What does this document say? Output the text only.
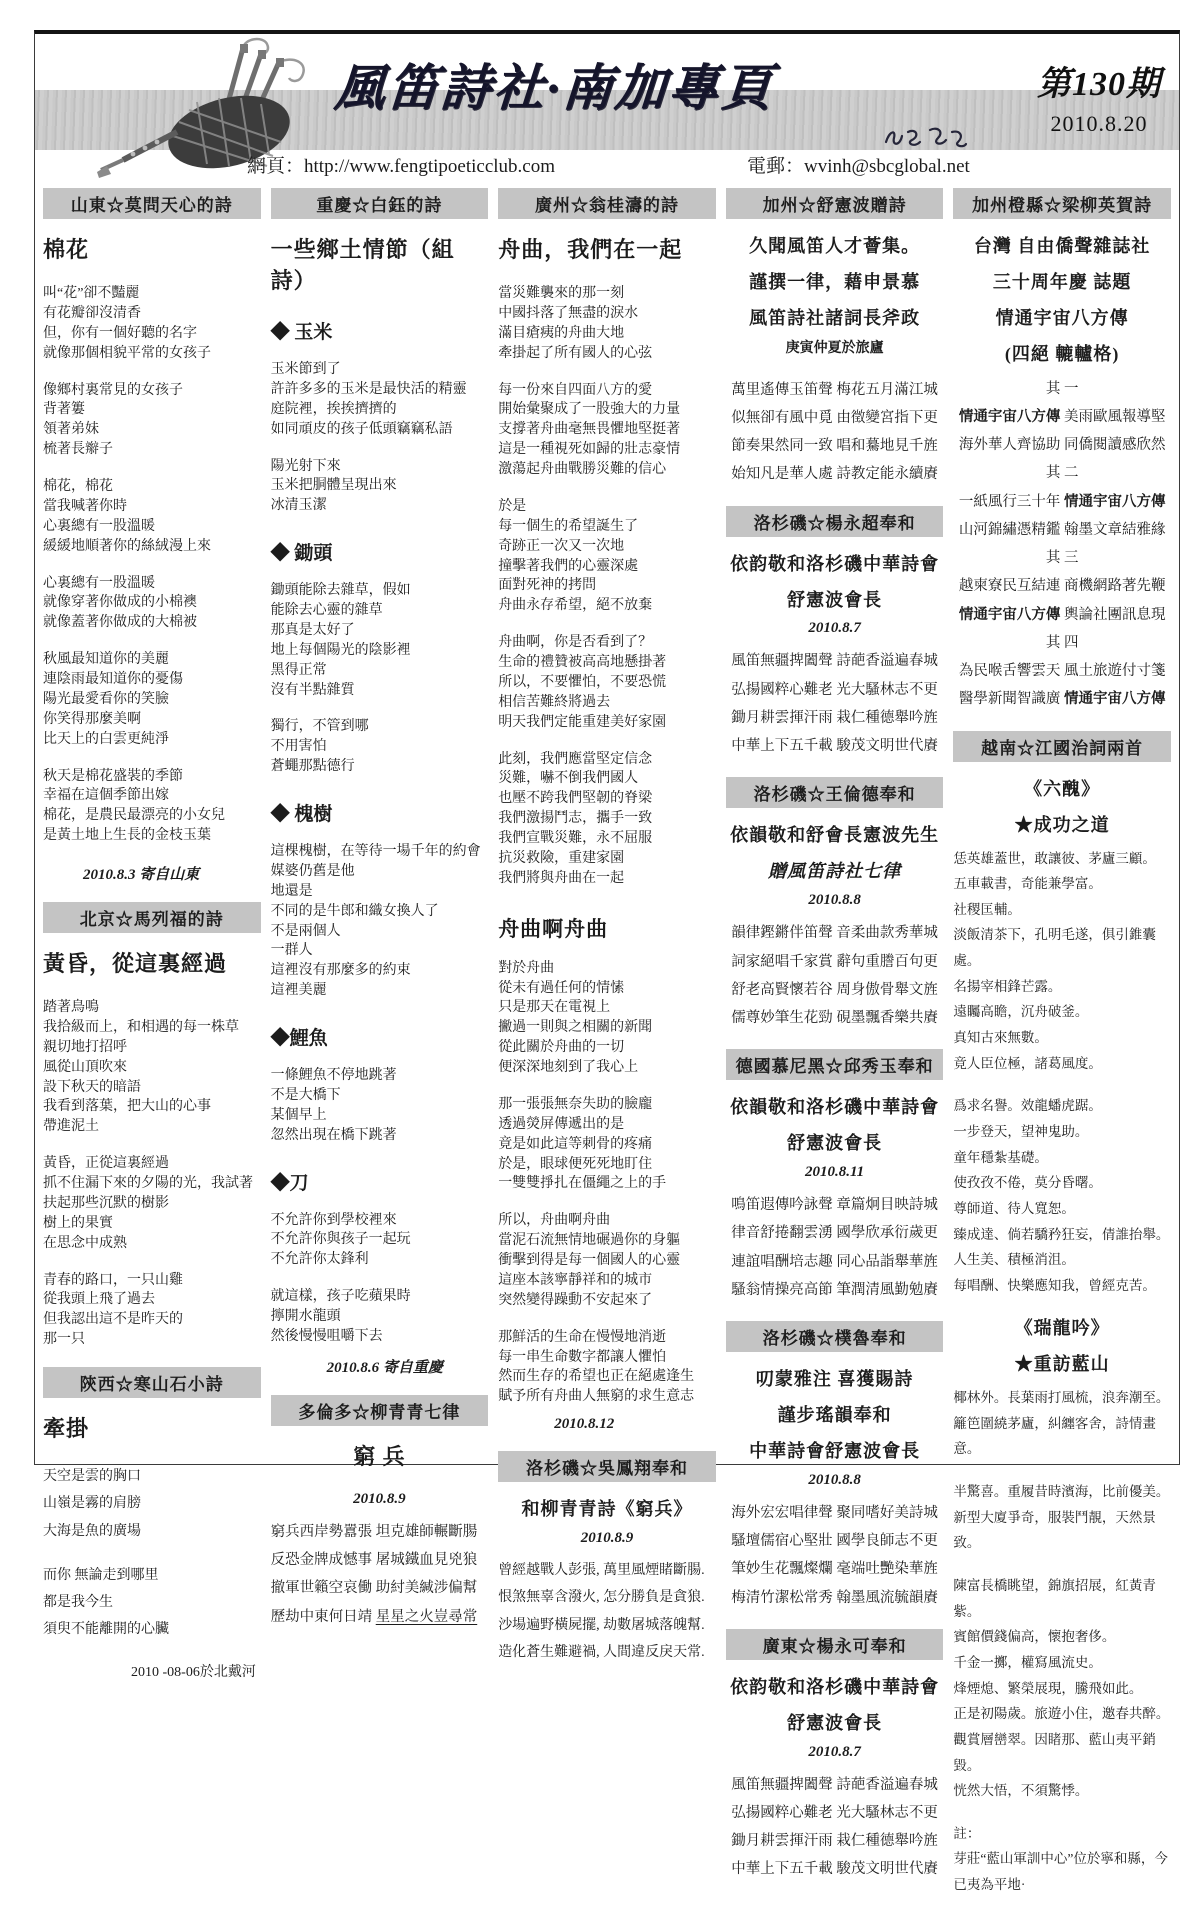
風笛詩社·南加專頁	第130期
2010.8.20
網頁：http://www.fengtipoeticclub.com	電郵：wvinh@sbcglobal.net
山東☆莫問天心的詩
棉花
叫“花”卻不豔麗
有花瓣卻沒清香
但，你有一個好聽的名字
就像那個相貌平常的女孩子
像鄉村裏常見的女孩子
背著簍
領著弟妹
梳著長辮子
棉花，棉花
當我喊著你時
心裏總有一股溫暖
緩緩地順著你的絲絨漫上來
心裏總有一股溫暖
就像穿著你做成的小棉襖
就像蓋著你做成的大棉被
秋風最知道你的美麗
連陰雨最知道你的憂傷
陽光最愛看你的笑臉
你笑得那麼美啊
比天上的白雲更純淨
秋天是棉花盛裝的季節
幸福在這個季節出嫁
棉花，是農民最漂亮的小女兒
是黃土地上生長的金枝玉葉
2010.8.3 寄自山東
北京☆馬列福的詩
黃昏，從這裏經過
踏著鳥鳴
我拾級而上，和相遇的每一株草
親切地打招呼
風從山頂吹來
設下秋天的暗語
我看到落葉，把大山的心事
帶進泥土
黃昏，正從這裏經過
抓不住漏下來的夕陽的光，我試著
扶起那些沉默的樹影
樹上的果實
在思念中成熟
青春的路口，一只山雞
從我頭上飛了過去
但我認出這不是昨天的
那一只
陝西☆寒山石小詩
牽掛
天空是雲的胸口
山嶺是霧的肩膀
大海是魚的廣場
而你 無論走到哪里
都是我今生
須臾不能離開的心臟
2010 -08-06於北戴河
重慶☆白鈺的詩
一些鄉土情節（組詩）
◆ 玉米
玉米節到了
許許多多的玉米是最快活的精靈
庭院裡，挨挨擠擠的
如同頑皮的孩子低頭竊竊私語
陽光射下來
玉米把胴體呈現出來
冰清玉潔
◆ 鋤頭
鋤頭能除去雜草，假如
能除去心靈的雜草
那真是太好了
地上每個陽光的陰影裡
黑得正常
沒有半點雜質
獨行，不管到哪
不用害怕
蒼蠅那點德行
◆ 槐樹
這棵槐樹，在等待一場千年的約會
媒婆仍舊是他
地還是
不同的是牛郎和織女換人了
不是兩個人
一群人
這裡沒有那麼多的約束
這裡美麗
◆鯉魚
一條鯉魚不停地跳著
不是大橋下
某個早上
忽然出現在橋下跳著
◆刀
不允許你到學校裡來
不允許你與孩子一起玩
不允許你太鋒利
就這樣，孩子吃蘋果時
擰開水龍頭
然後慢慢咀嚼下去
2010.8.6 寄自重慶
多倫多☆柳青青七律
窮 兵
2010.8.9
窮兵西岸勢囂張 坦克雄師輾斷腸
反恐金牌成憾事 屠城鐵血見兇狼
撤軍世籟空哀働 助紂美緘涉偏幫
歷劫中東何日靖 星星之火豈尋常
廣州☆翁桂濤的詩
舟曲，我們在一起
當災難襲來的那一刻
中國抖落了無盡的淚水
滿目瘡痍的舟曲大地
牽掛起了所有國人的心弦
每一份來自四面八方的愛
開始彙聚成了一股強大的力量
支撐著舟曲毫無畏懼地堅挺著
這是一種視死如歸的壯志豪情
激蕩起舟曲戰勝災難的信心
於是
每一個生的希望誕生了
奇跡正一次又一次地
撞擊著我們的心靈深處
面對死神的拷問
舟曲永存希望，絕不放棄
舟曲啊，你是否看到了？
生命的禮贊被高高地懸掛著
所以，不要懼怕，不要恐慌
相信苦難終將過去
明天我們定能重建美好家園
此刻，我們應當堅定信念
災難，嚇不倒我們國人
也壓不跨我們堅韌的脊梁
我們激揚鬥志，攜手一致
我們宣戰災難，永不屈服
抗災救險，重建家園
我們將與舟曲在一起
舟曲啊舟曲
對於舟曲
從未有過任何的情愫
只是那天在電視上
撇過一則與之相關的新聞
從此關於舟曲的一切
便深深地刻到了我心上
那一張張無奈失助的臉龐
透過熒屏傳遞出的是
竟是如此這等刺骨的疼痛
於是，眼球便死死地盯住
一雙雙掙扎在僵繩之上的手
所以，舟曲啊舟曲
當泥石流無情地碾過你的身軀
衝擊到得是每一個國人的心靈
這座本該寧靜祥和的城市
突然變得躁動不安起來了
那鮮活的生命在慢慢地消逝
每一串生命數字都讓人懼怕
然而生存的希望也正在絕處逢生
賦予所有舟曲人無窮的求生意志
2010.8.12
洛杉磯☆吳鳳翔奉和
和柳青青詩《窮兵》
2010.8.9
曾經越戰人彭張, 萬里風煙睹斷腸.
恨煞無辜含潑火, 怎分勝負是貪狼.
沙場遍野橫屍擺, 劫數屠城落魄幫.
造化蒼生難避禍, 人間違反戾天常.
加州☆舒憲波贈詩
久聞風笛人才薈集。
謹撰一律，藉申景慕
風笛詩社諸詞長斧政
庚寅仲夏於旅廬
萬里遙傳玉笛聲 梅花五月滿江城
似無卻有風中覓 由徵變宮指下更
節奏果然同一致 唱和驀地見千旌
始知凡是華人處 詩教定能永續賡
洛杉磯☆楊永超奉和
依韵敬和洛杉磯中華詩會
舒憲波會長
2010.8.7
風笛無疆捭闔聲 詩葩香溢遍春城
弘揚國粹心難老 光大騷林志不更
鋤月耕雲揮汗雨 栽仁種德舉吟旌
中華上下五千載 駿茂文明世代賡
洛杉磯☆王倫德奉和
依韻敬和舒會長憲波先生
贈風笛詩社七律
2010.8.8
韻律鏗鏘伴笛聲 音柔曲款秀華城
詞家絕唱千家賞 辭句重謄百句更
舒老高賢懷若谷 周身傲骨舉文旌
儒尊妙筆生花勁 硯墨飄香樂共賡
德國慕尼黑☆邱秀玉奉和
依韻敬和洛杉磯中華詩會
舒憲波會長
2010.8.11
鳴笛遐傳吟詠聲 章篇炯目映詩城
律音舒捲翻雲湧 國學欣承衍歲更
連誼唱酬培志趣 同心品詣舉華旌
騷翁情操亮高節 筆潤清風勤勉賡
洛杉磯☆樸魯奉和
叨蒙雅注 喜獲賜詩
謹步瑤韻奉和
中華詩會舒憲波會長
2010.8.8
海外宏宏唱律聲 聚同嗜好美詩城
騷壇儒宿心堅壯 國學良師志不更
筆妙生花飄燦爛 毫端吐艷染華旌
梅清竹潔松常秀 翰墨風流毓韻賡
廣東☆楊永可奉和
依韵敬和洛杉磯中華詩會
舒憲波會長
2010.8.7
風笛無疆捭闔聲 詩葩香溢遍春城
弘揚國粹心難老 光大騷林志不更
鋤月耕雲揮汗雨 栽仁種德舉吟旌
中華上下五千載 駿茂文明世代賡
加州橙縣☆梁柳英賀詩
台灣 自由僑聲雜誌社
三十周年慶 誌題
情通宇宙八方傳
(四絕 轆轤格)
其 一
情通宇宙八方傳 美雨歐風報導堅
海外華人齊協助 同僑閱讀感欣然
其 二
一紙風行三十年 情通宇宙八方傳
山河錦繡憑精鑑 翰墨文章結雅緣
其 三
越柬寮民互結連 商機網路著先鞭
情通宇宙八方傳 輿論社團訊息現
其 四
為民喉舌響雲天 風土旅遊付寸箋
醫學新聞智識廣 情通宇宙八方傳
越南☆江國治詞兩首
《六醜》
★成功之道
恁英雄蓋世，敢讓彼、茅廬三顧。
五車載書，奇能兼學富。
社稷匡輔。
淡飯清茶下，孔明毛遂，俱引錐囊處。
名揚宰相鋒芒露。
遠矚高瞻，沉舟破釜。
真知古來無數。
竟人臣位極，諸葛風度。
爲求名譽。效龍蟠虎踞。
一步登天，望神鬼助。
童年穩紮基礎。
使孜孜不倦，莫分昏曙。
尊師道、待人寬恕。
臻成達、倘若驕矜狂妄，倩誰抬舉。
人生美、積極消沮。
每唱酬、快樂應知我，曾經克苦。
《瑞龍吟》
★重訪藍山
椰林外。長葉雨打風梳，浪奔潮至。
籬笆圍繞茅廬，糾纏客舍，詩情畫意。
半驚喜。重履昔時濱海，比前優美。
新型大廈爭奇，服裝鬥靚，天然景致。
陳富長橋眺望，錦旗招展，紅黃青紫。
賓館價錢偏高，懷抱奢侈。
千金一擲，權寫風流史。
烽煙熄、繁榮展現，騰飛如此。
正是初陽歲。旅遊小住，邀春共醉。
觀賞層巒翠。因睹那、藍山夷平銷毀。
恍然大悟，不須驚悸。
註：
芽莊“藍山軍訓中心”位於寧和縣，今已夷為平地·
